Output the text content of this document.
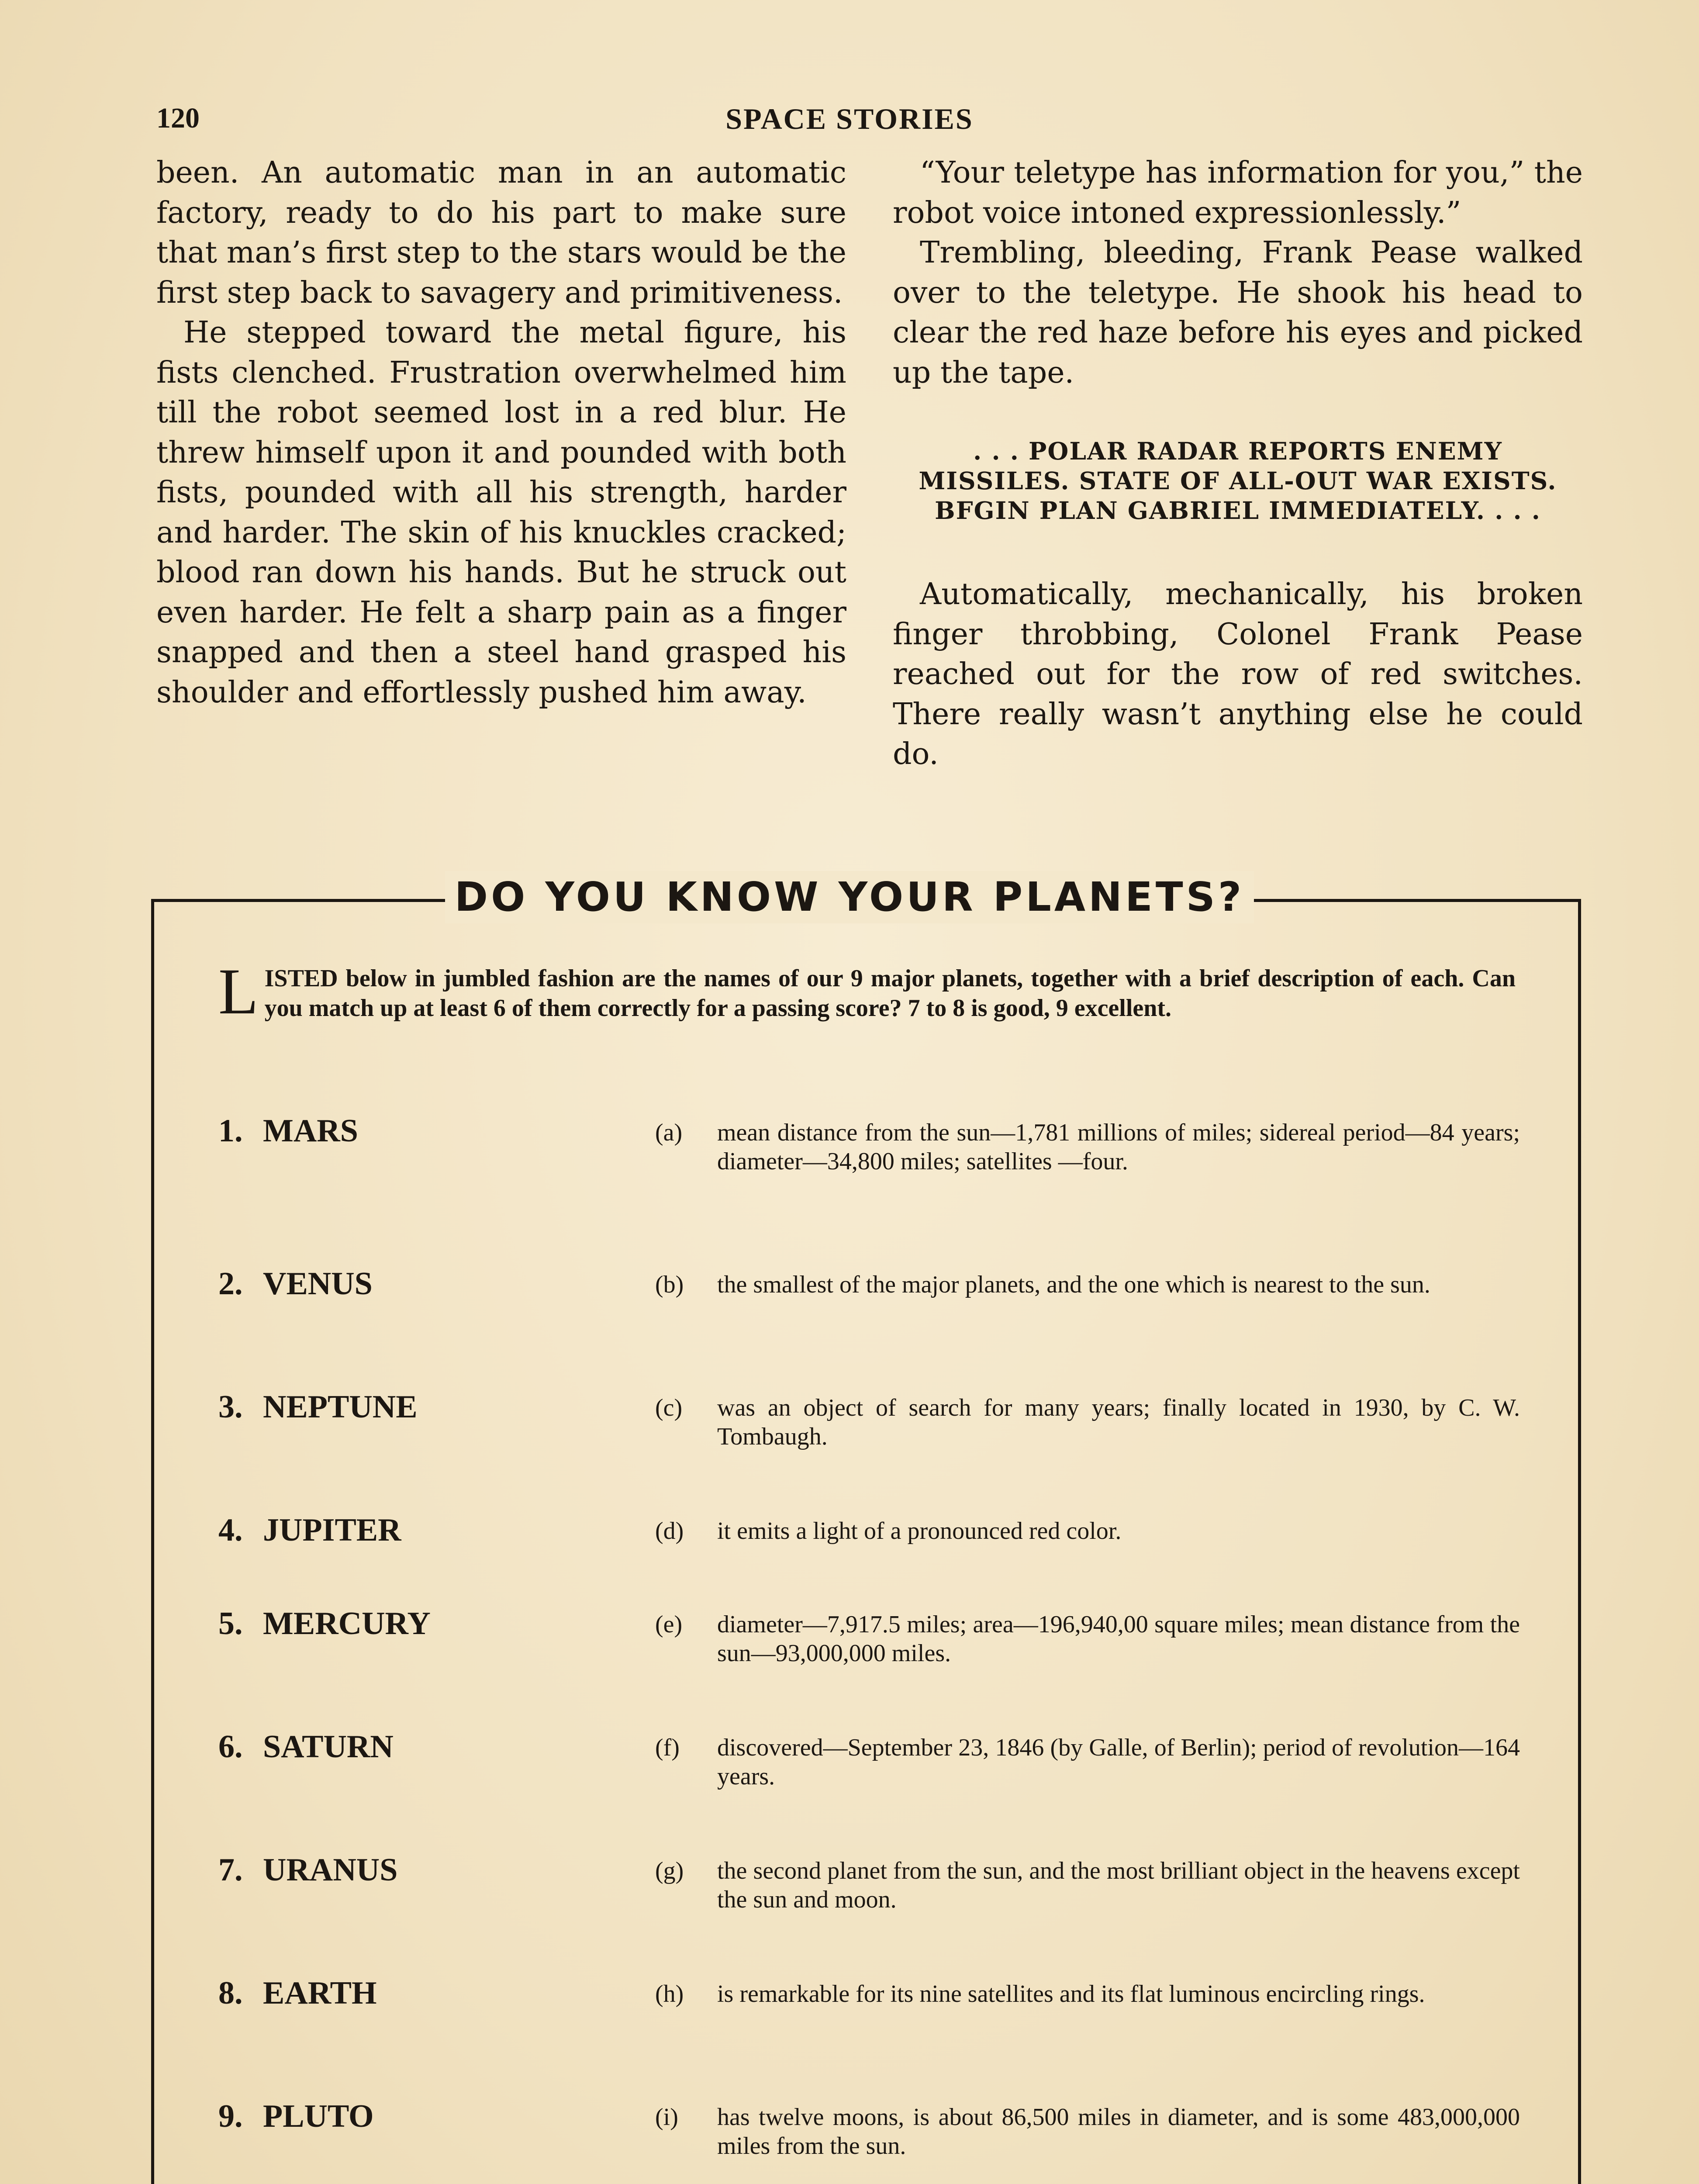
120	SPACE STORIES

been. An automatic man in an automatic factory, ready to do his part to make sure that man’s first step to the stars would be the first step back to savagery and primitiveness.

He stepped toward the metal figure, his fists clenched. Frustration overwhelmed him till the robot seemed lost in a red blur. He threw himself upon it and pounded with both fists, pounded with all his strength, harder and harder. The skin of his knuckles cracked; blood ran down his hands. But he struck out even harder. He felt a sharp pain as a finger snapped and then a steel hand grasped his shoulder and effortlessly pushed him away.

“Your teletype has information for you,” the robot voice intoned expressionlessly.”

Trembling, bleeding, Frank Pease walked over to the teletype. He shook his head to clear the red haze before his eyes and picked up the tape.

. . . POLAR RADAR REPORTS ENEMY MISSILES. STATE OF ALL-OUT WAR EXISTS. BFGIN PLAN GABRIEL IMMEDIATELY. . . .

Automatically, mechanically, his broken finger throbbing, Colonel Frank Pease reached out for the row of red switches. There really wasn’t anything else he could do.

DO YOU KNOW YOUR PLANETS?
L ISTED below in jumbled fashion are the names of our 9 major planets, together with a brief description of each. Can you match up at least 6 of them correctly for a passing score? 7 to 8 is good, 9 excellent.
1. MARS
2. VENUS
3. NEPTUNE
4. JUPITER
5. MERCURY
6. SATURN
7. URANUS
8. EARTH
9. PLUTO
(a) mean distance from the sun—1,781 millions of miles; sidereal period—84 years; diameter—34,800 miles; satellites —four.
(b) the smallest of the major planets, and the one which is nearest to the sun.
(c) was an object of search for many years; finally located in 1930, by C. W. Tombaugh.
(d) it emits a light of a pronounced red color.
(e) diameter—7,917.5 miles; area—196,940,00 square miles; mean distance from the sun—93,000,000 miles.
(f) discovered—September 23, 1846 (by Galle, of Berlin); period of revolution—164 years.
(g) the second planet from the sun, and the most brilliant object in the heavens except the sun and moon.
(h) is remarkable for its nine satellites and its flat luminous encircling rings.
(i) has twelve moons, is about 86,500 miles in diameter, and is some 483,000,000 miles from the sun.
